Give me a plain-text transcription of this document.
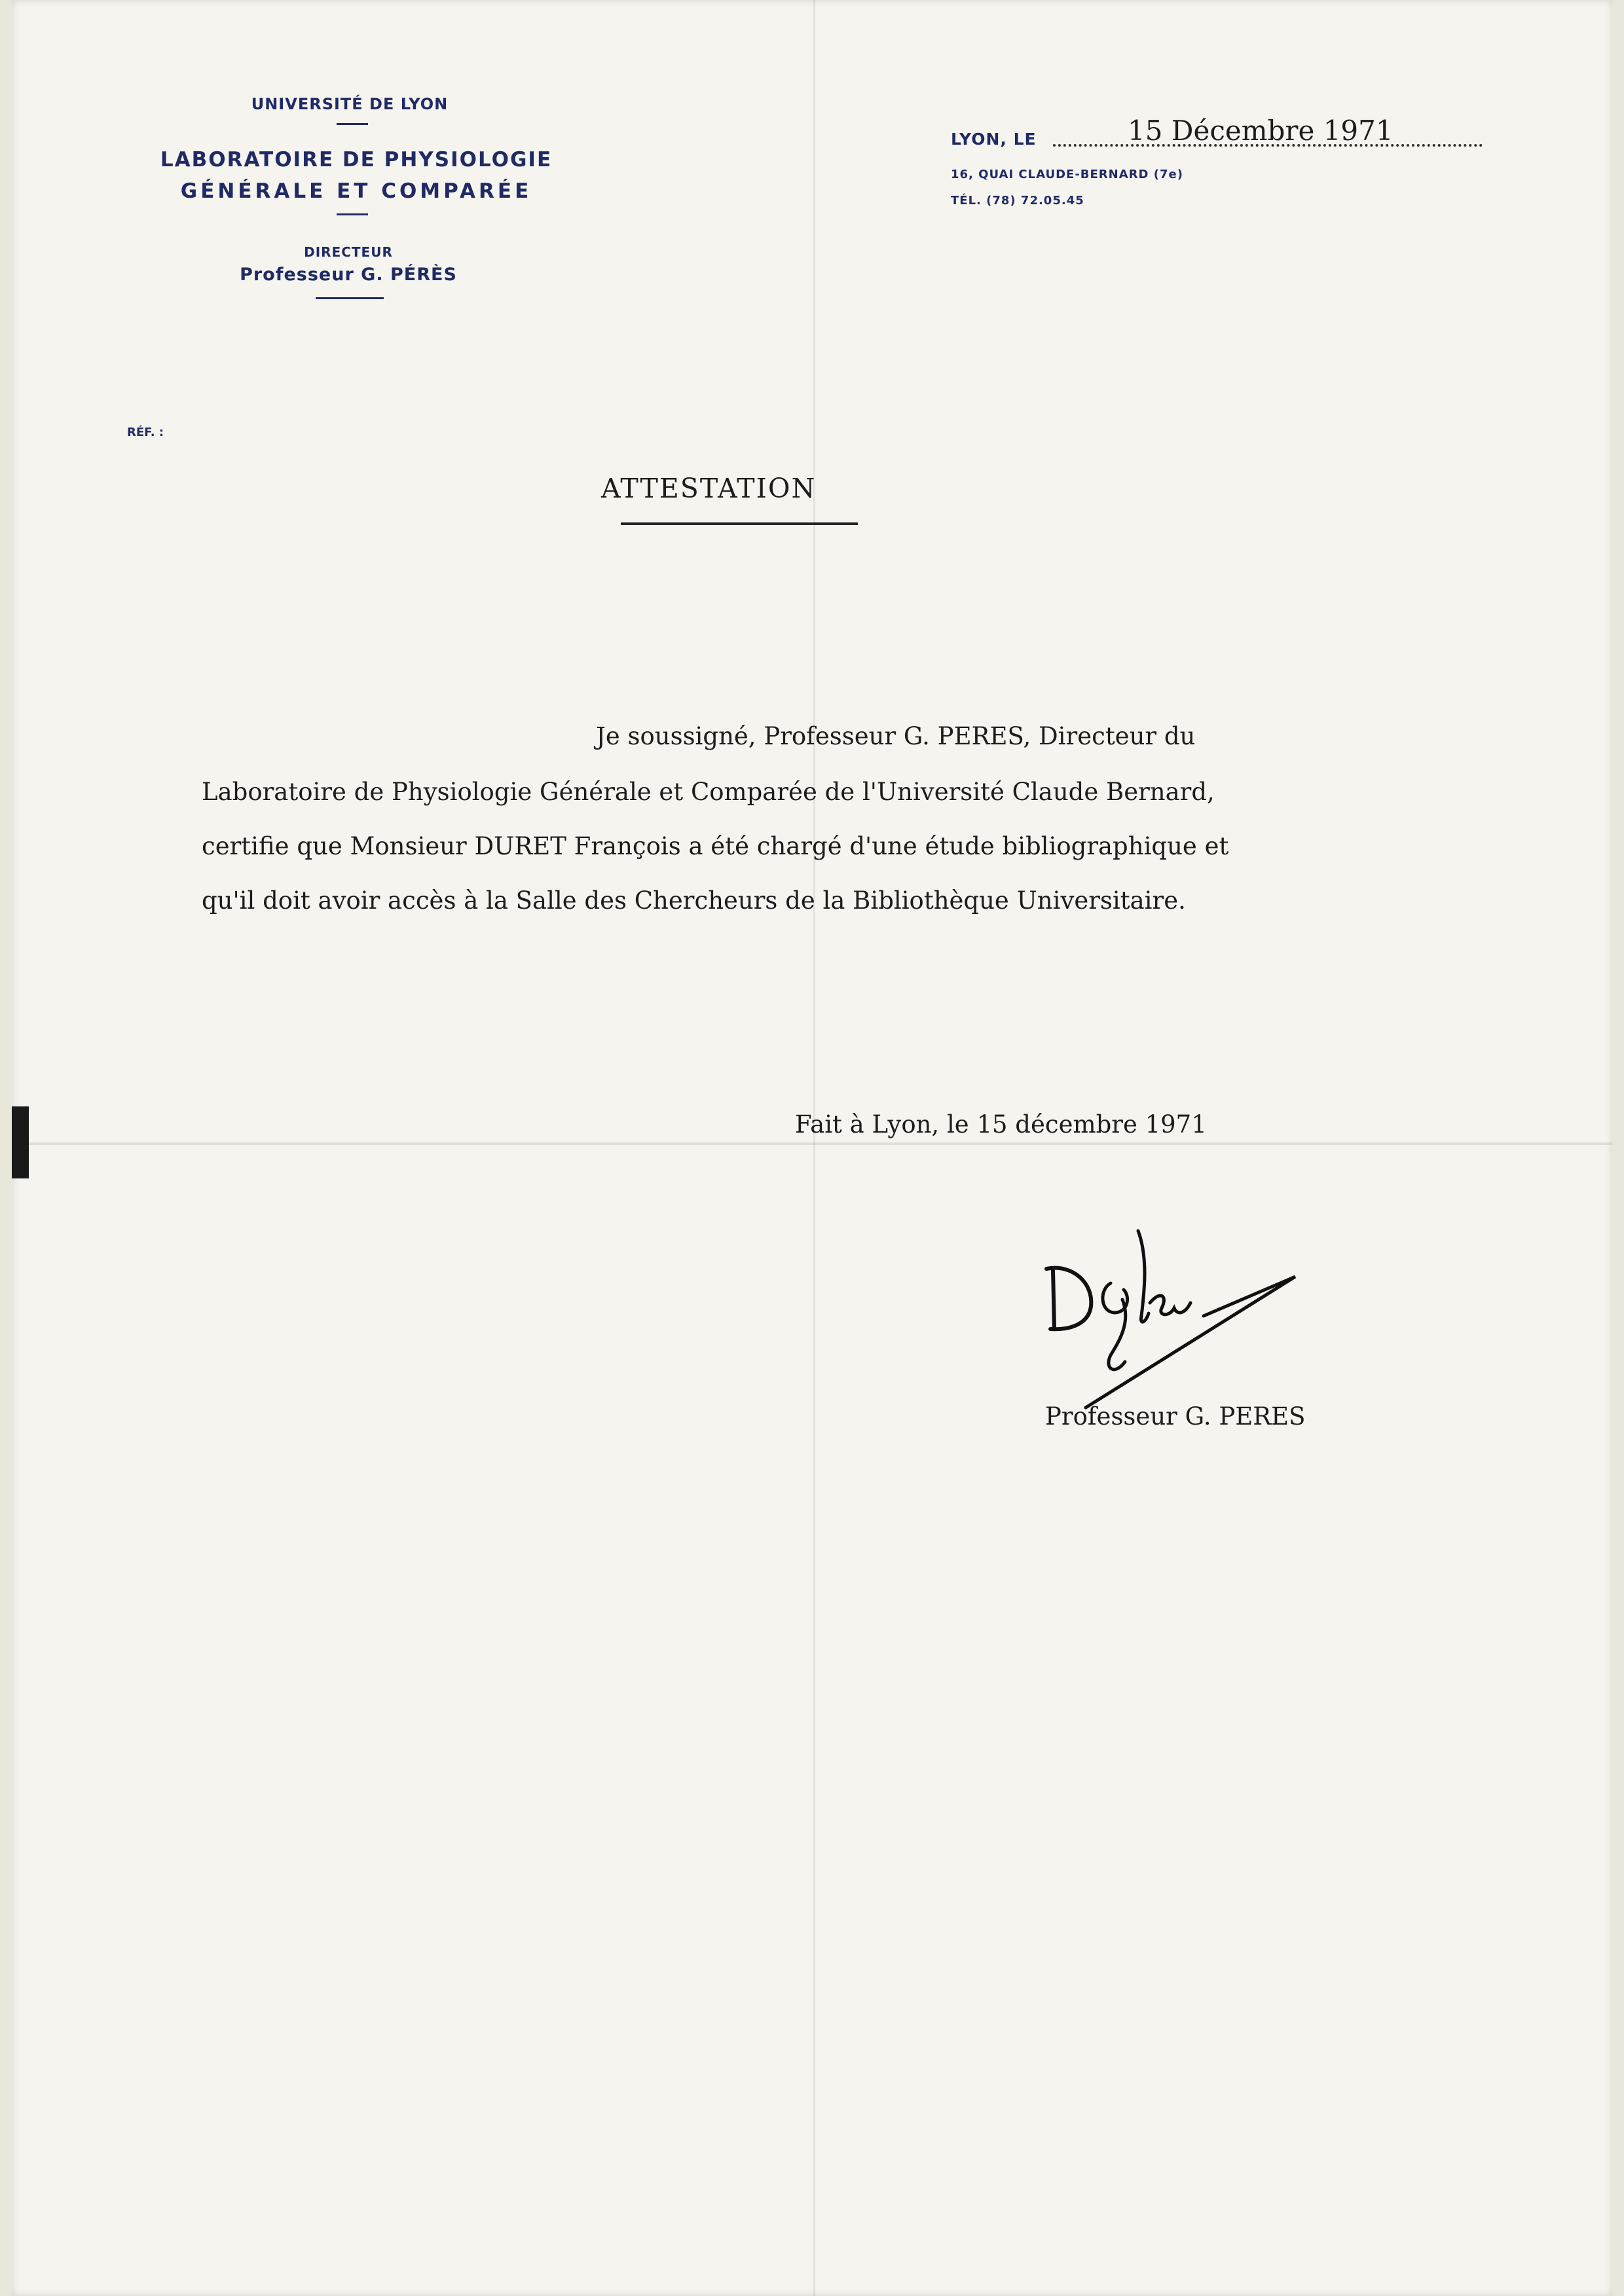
UNIVERSITÉ DE LYON
LABORATOIRE DE PHYSIOLOGIE
GÉNÉRALE ET COMPARÉE
DIRECTEUR
Professeur G. PÉRÈS
RÉF. :
LYON, LE	15 Décembre 1971
16, QUAI CLAUDE-BERNARD (7e)
TÉL. (78) 72.05.45
ATTESTATION
Je soussigné, Professeur G. PERES, Directeur du
Laboratoire de Physiologie Générale et Comparée de l'Université Claude Bernard,
certifie que Monsieur DURET François a été chargé d'une étude bibliographique et
qu'il doit avoir accès à la Salle des Chercheurs de la Bibliothèque Universitaire.
Fait à Lyon, le 15 décembre 1971
Professeur G. PERES
